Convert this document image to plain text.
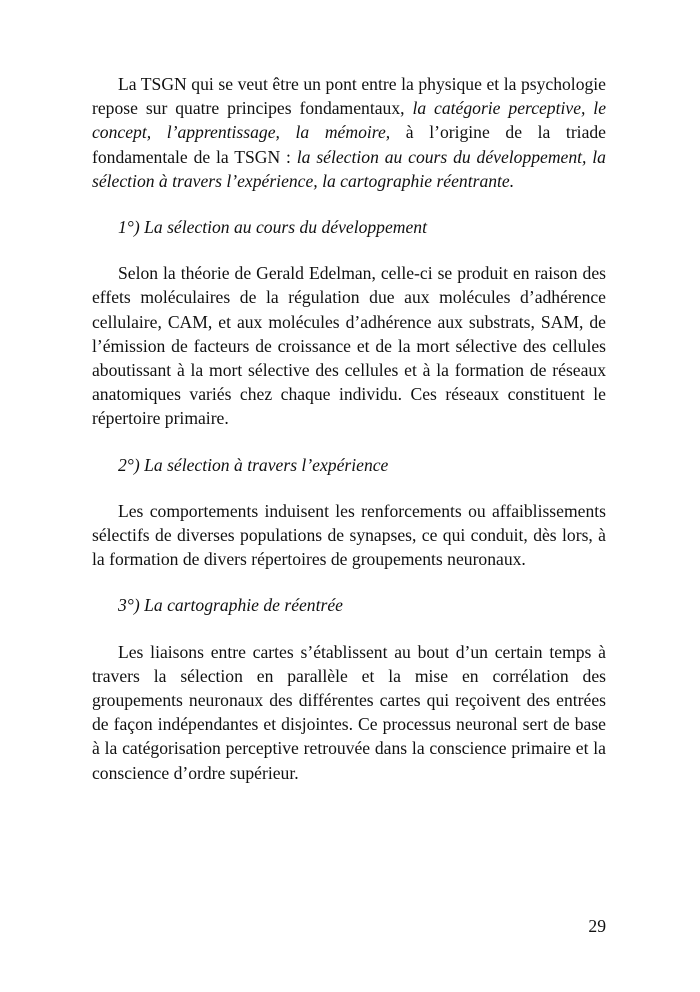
La TSGN qui se veut être un pont entre la physique et la psychologie repose sur quatre principes fondamentaux, la catégorie perceptive, le concept, l’apprentissage, la mémoire, à l’origine de la triade fondamentale de la TSGN : la sélection au cours du développement, la sélection à travers l’expérience, la cartographie réentrante.

1°) La sélection au cours du développement

Selon la théorie de Gerald Edelman, celle-ci se produit en raison des effets moléculaires de la régulation due aux molécules d’adhérence cellulaire, CAM, et aux molécules d’adhérence aux substrats, SAM, de l’émission de facteurs de croissance et de la mort sélective des cellules aboutissant à la mort sélective des cellules et à la formation de réseaux anatomiques variés chez chaque individu. Ces réseaux constituent le répertoire primaire.

2°) La sélection à travers l’expérience

Les comportements induisent les renforcements ou affaiblissements sélectifs de diverses populations de synapses, ce qui conduit, dès lors, à la formation de divers répertoires de groupements neuronaux.

3°) La cartographie de réentrée

Les liaisons entre cartes s’établissent au bout d’un certain temps à travers la sélection en parallèle et la mise en corrélation des groupements neuronaux des différentes cartes qui reçoivent des entrées de façon indépendantes et disjointes. Ce processus neuronal sert de base à la catégorisation perceptive retrouvée dans la conscience primaire et la conscience d’ordre supérieur.

29
